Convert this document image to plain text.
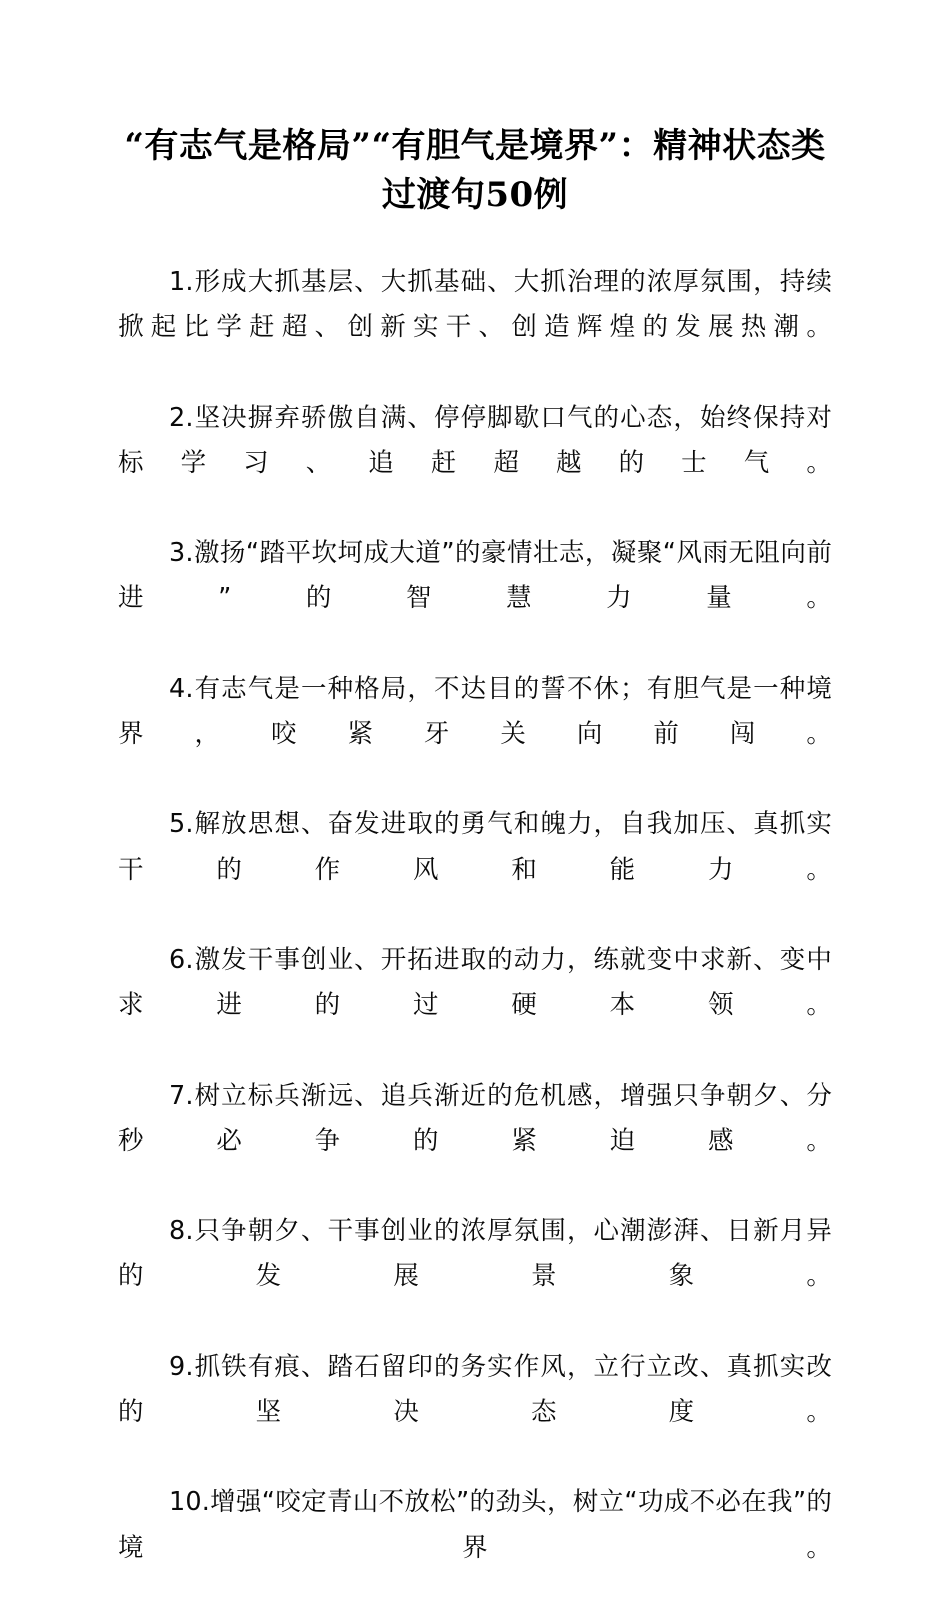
“有志气是格局”“有胆气是境界”：精神状态类过渡句50例

1.形成大抓基层、大抓基础、大抓治理的浓厚氛围，持续掀起比学赶超、创新实干、创造辉煌的发展热潮。

2.坚决摒弃骄傲自满、停停脚歇口气的心态，始终保持对标学习、追赶超越的士气。

3.激扬“踏平坎坷成大道”的豪情壮志，凝聚“风雨无阻向前进”的智慧力量。

4.有志气是一种格局，不达目的誓不休；有胆气是一种境界，咬紧牙关向前闯。

5.解放思想、奋发进取的勇气和魄力，自我加压、真抓实干的作风和能力。

6.激发干事创业、开拓进取的动力，练就变中求新、变中求进的过硬本领。

7.树立标兵渐远、追兵渐近的危机感，增强只争朝夕、分秒必争的紧迫感。

8.只争朝夕、干事创业的浓厚氛围，心潮澎湃、日新月异的发展景象。

9.抓铁有痕、踏石留印的务实作风，立行立改、真抓实改的坚决态度。

10.增强“咬定青山不放松”的劲头，树立“功成不必在我”的境界。
